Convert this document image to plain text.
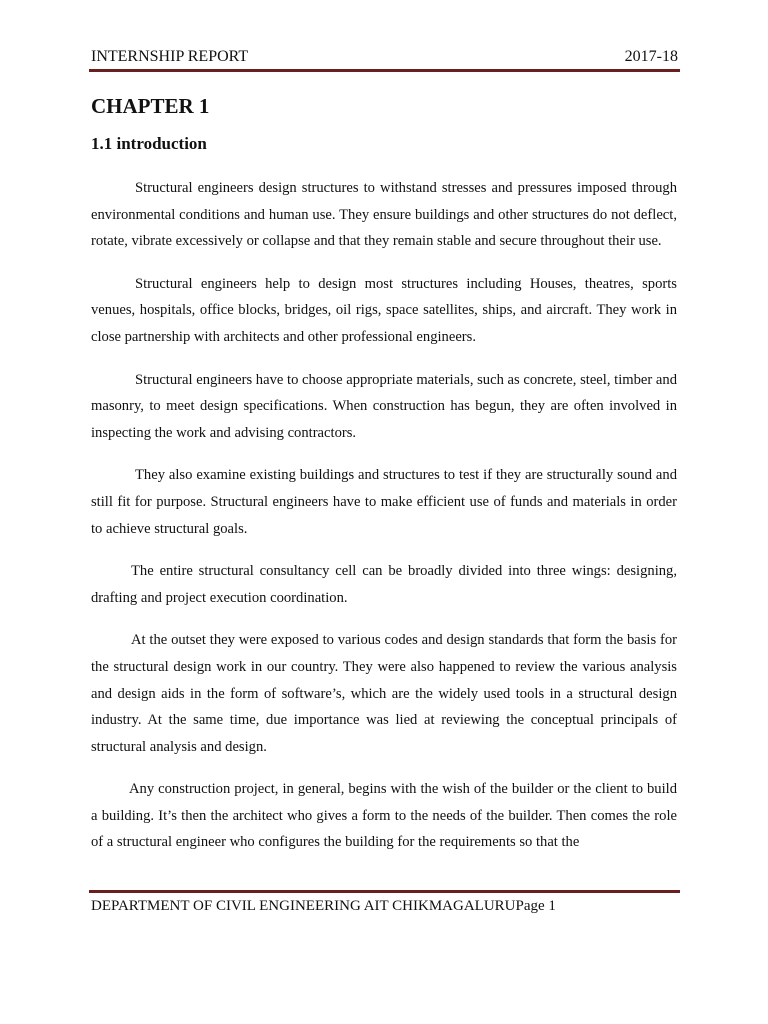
INTERNSHIP REPORT	2017-18
CHAPTER 1
1.1 introduction

Structural engineers design structures to withstand stresses and pressures imposed through environmental conditions and human use. They ensure buildings and other structures do not deflect, rotate, vibrate excessively or collapse and that they remain stable and secure throughout their use.

Structural engineers help to design most structures including Houses, theatres, sports venues, hospitals, office blocks, bridges, oil rigs, space satellites, ships, and aircraft. They work in close partnership with architects and other professional engineers.

Structural engineers have to choose appropriate materials, such as concrete, steel, timber and masonry, to meet design specifications. When construction has begun, they are often involved in inspecting the work and advising contractors.

They also examine existing buildings and structures to test if they are structurally sound and still fit for purpose. Structural engineers have to make efficient use of funds and materials in order to achieve structural goals.

The entire structural consultancy cell can be broadly divided into three wings: designing, drafting and project execution coordination.

At the outset they were exposed to various codes and design standards that form the basis for the structural design work in our country. They were also happened to review the various analysis and design aids in the form of software’s, which are the widely used tools in a structural design industry. At the same time, due importance was lied at reviewing the conceptual principals of structural analysis and design.

Any construction project, in general, begins with the wish of the builder or the client to build a building. It’s then the architect who gives a form to the needs of the builder. Then comes the role of a structural engineer who configures the building for the requirements so that the

DEPARTMENT OF CIVIL ENGINEERING AIT CHIKMAGALURUPage 1
